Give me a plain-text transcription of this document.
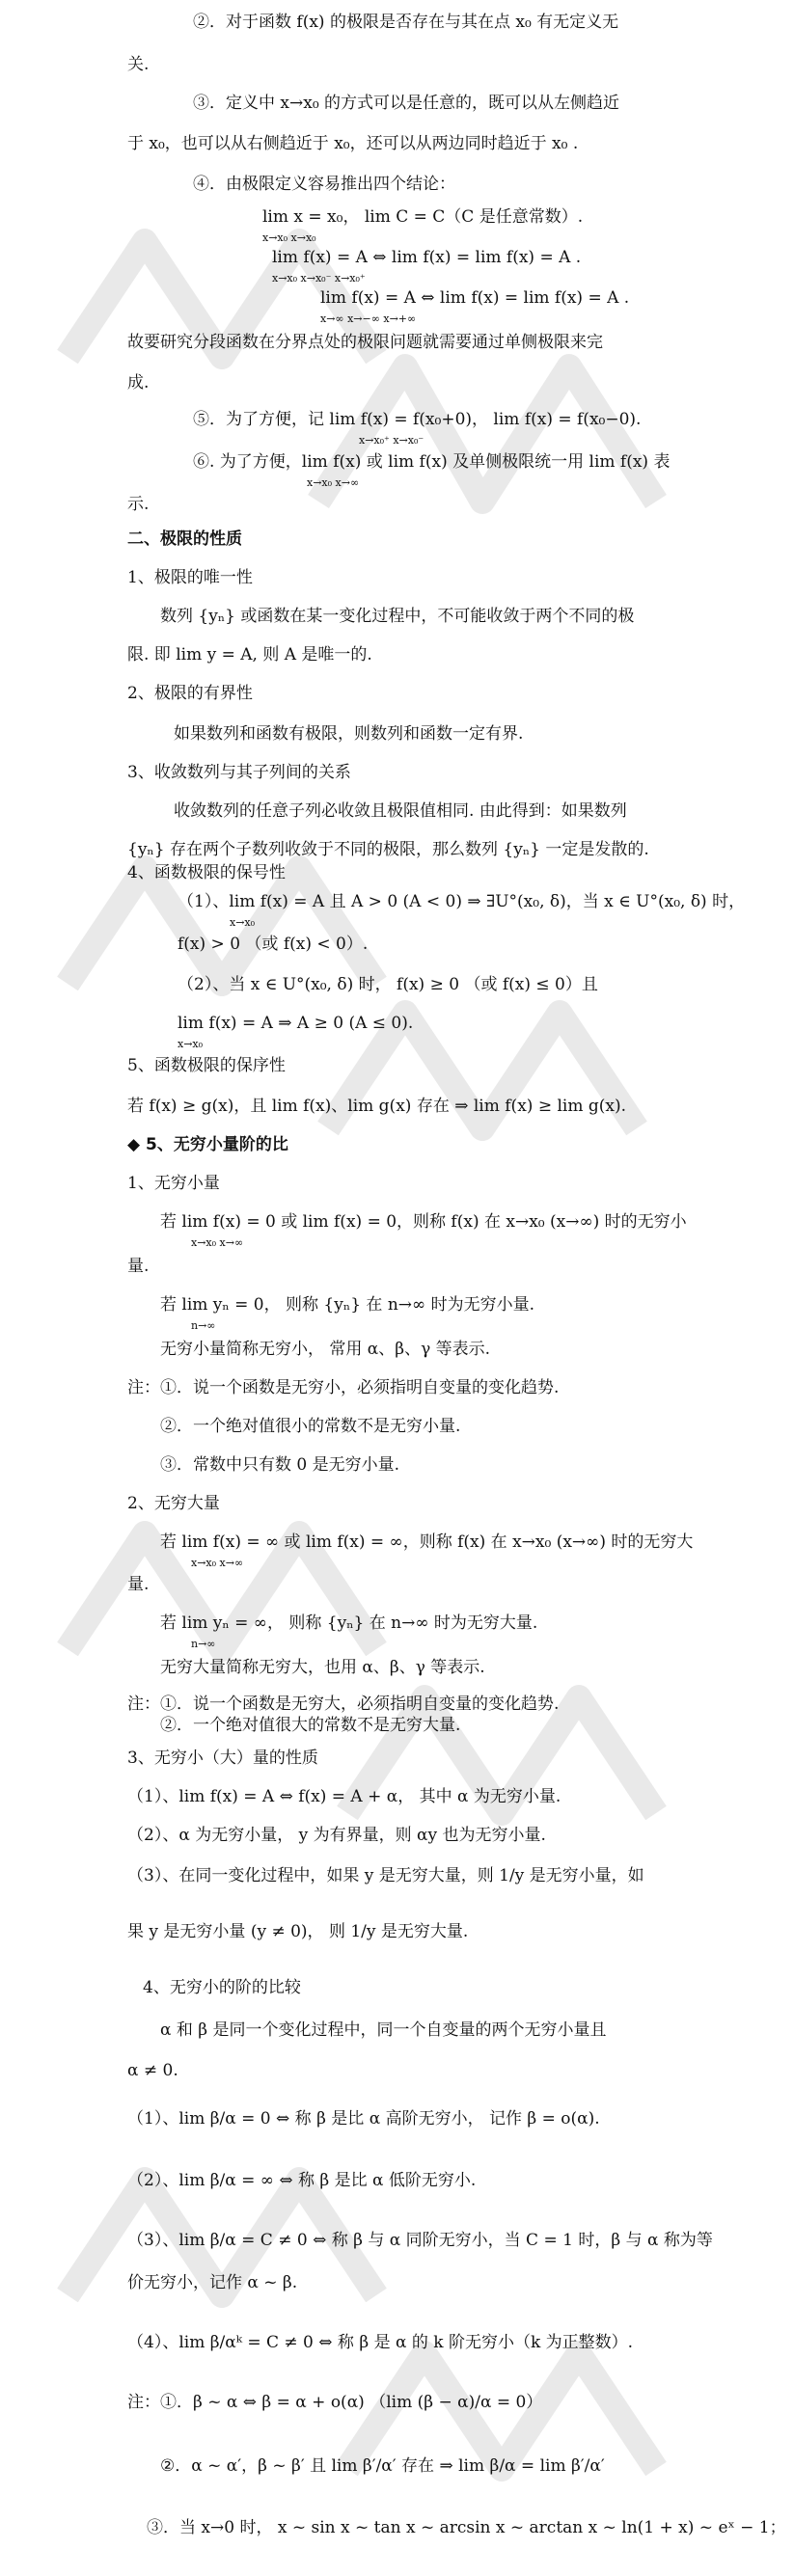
②．对于函数 f(x) 的极限是否存在与其在点 x₀ 有无定义无
关.
③．定义中 x→x₀ 的方式可以是任意的，既可以从左侧趋近
于 x₀，也可以从右侧趋近于 x₀，还可以从两边同时趋近于 x₀ .
④．由极限定义容易推出四个结论：
lim x = x₀， lim C = C（C 是任意常数）.
x→x₀ x→x₀
lim f(x) = A ⇔ lim f(x) = lim f(x) = A .
x→x₀ x→x₀⁻ x→x₀⁺
lim f(x) = A ⇔ lim f(x) = lim f(x) = A .
x→∞ x→−∞ x→+∞
故要研究分段函数在分界点处的极限问题就需要通过单侧极限来完
成.
⑤．为了方便，记 lim f(x) = f(x₀+0)， lim f(x) = f(x₀−0).
x→x₀⁺ x→x₀⁻
⑥. 为了方便，lim f(x) 或 lim f(x) 及单侧极限统一用 lim f(x) 表
x→x₀ x→∞
示.
二、极限的性质
1、极限的唯一性
数列 {yₙ} 或函数在某一变化过程中，不可能收敛于两个不同的极
限. 即 lim y = A, 则 A 是唯一的.
2、极限的有界性
如果数列和函数有极限，则数列和函数一定有界.
3、收敛数列与其子列间的关系
收敛数列的任意子列必收敛且极限值相同. 由此得到：如果数列
{yₙ} 存在两个子数列收敛于不同的极限，那么数列 {yₙ} 一定是发散的.
4、函数极限的保号性
（1）、lim f(x) = A 且 A > 0 (A < 0) ⇒ ∃U°(x₀, δ)，当 x ∈ U°(x₀, δ) 时，
x→x₀
f(x) > 0 （或 f(x) < 0）.
（2）、当 x ∈ U°(x₀, δ) 时， f(x) ≥ 0 （或 f(x) ≤ 0）且
lim f(x) = A ⇒ A ≥ 0 (A ≤ 0).
x→x₀
5、函数极限的保序性
若 f(x) ≥ g(x)，且 lim f(x)、lim g(x) 存在 ⇒ lim f(x) ≥ lim g(x).
◆ 5、无穷小量阶的比
1、无穷小量
若 lim f(x) = 0 或 lim f(x) = 0，则称 f(x) 在 x→x₀ (x→∞) 时的无穷小
x→x₀ x→∞
量.
若 lim yₙ = 0， 则称 {yₙ} 在 n→∞ 时为无穷小量.
n→∞
无穷小量简称无穷小， 常用 α、β、γ 等表示.
注：①．说一个函数是无穷小，必须指明自变量的变化趋势.
②．一个绝对值很小的常数不是无穷小量.
③．常数中只有数 0 是无穷小量.
2、无穷大量
若 lim f(x) = ∞ 或 lim f(x) = ∞，则称 f(x) 在 x→x₀ (x→∞) 时的无穷大
x→x₀ x→∞
量.
若 lim yₙ = ∞， 则称 {yₙ} 在 n→∞ 时为无穷大量.
n→∞
无穷大量简称无穷大，也用 α、β、γ 等表示.
注：①．说一个函数是无穷大，必须指明自变量的变化趋势.
②．一个绝对值很大的常数不是无穷大量.
3、无穷小（大）量的性质
（1）、lim f(x) = A ⇔ f(x) = A + α， 其中 α 为无穷小量.
（2）、α 为无穷小量， y 为有界量，则 αy 也为无穷小量.
（3）、在同一变化过程中，如果 y 是无穷大量，则 1/y 是无穷小量，如
果 y 是无穷小量 (y ≠ 0)， 则 1/y 是无穷大量.
4、无穷小的阶的比较
α 和 β 是同一个变化过程中，同一个自变量的两个无穷小量且
α ≠ 0.
（1）、lim β/α = 0 ⇔ 称 β 是比 α 高阶无穷小， 记作 β = o(α).
（2）、lim β/α = ∞ ⇔ 称 β 是比 α 低阶无穷小.
（3）、lim β/α = C ≠ 0 ⇔ 称 β 与 α 同阶无穷小，当 C = 1 时，β 与 α 称为等
价无穷小，记作 α ~ β.
（4）、lim β/αᵏ = C ≠ 0 ⇔ 称 β 是 α 的 k 阶无穷小（k 为正整数）.
注：①．β ~ α ⇔ β = α + o(α) （lim (β − α)/α = 0）
②．α ~ α′，β ~ β′ 且 lim β′/α′ 存在 ⇒ lim β/α = lim β′/α′
③．当 x→0 时， x ~ sin x ~ tan x ~ arcsin x ~ arctan x ~ ln(1 + x) ~ eˣ − 1；
